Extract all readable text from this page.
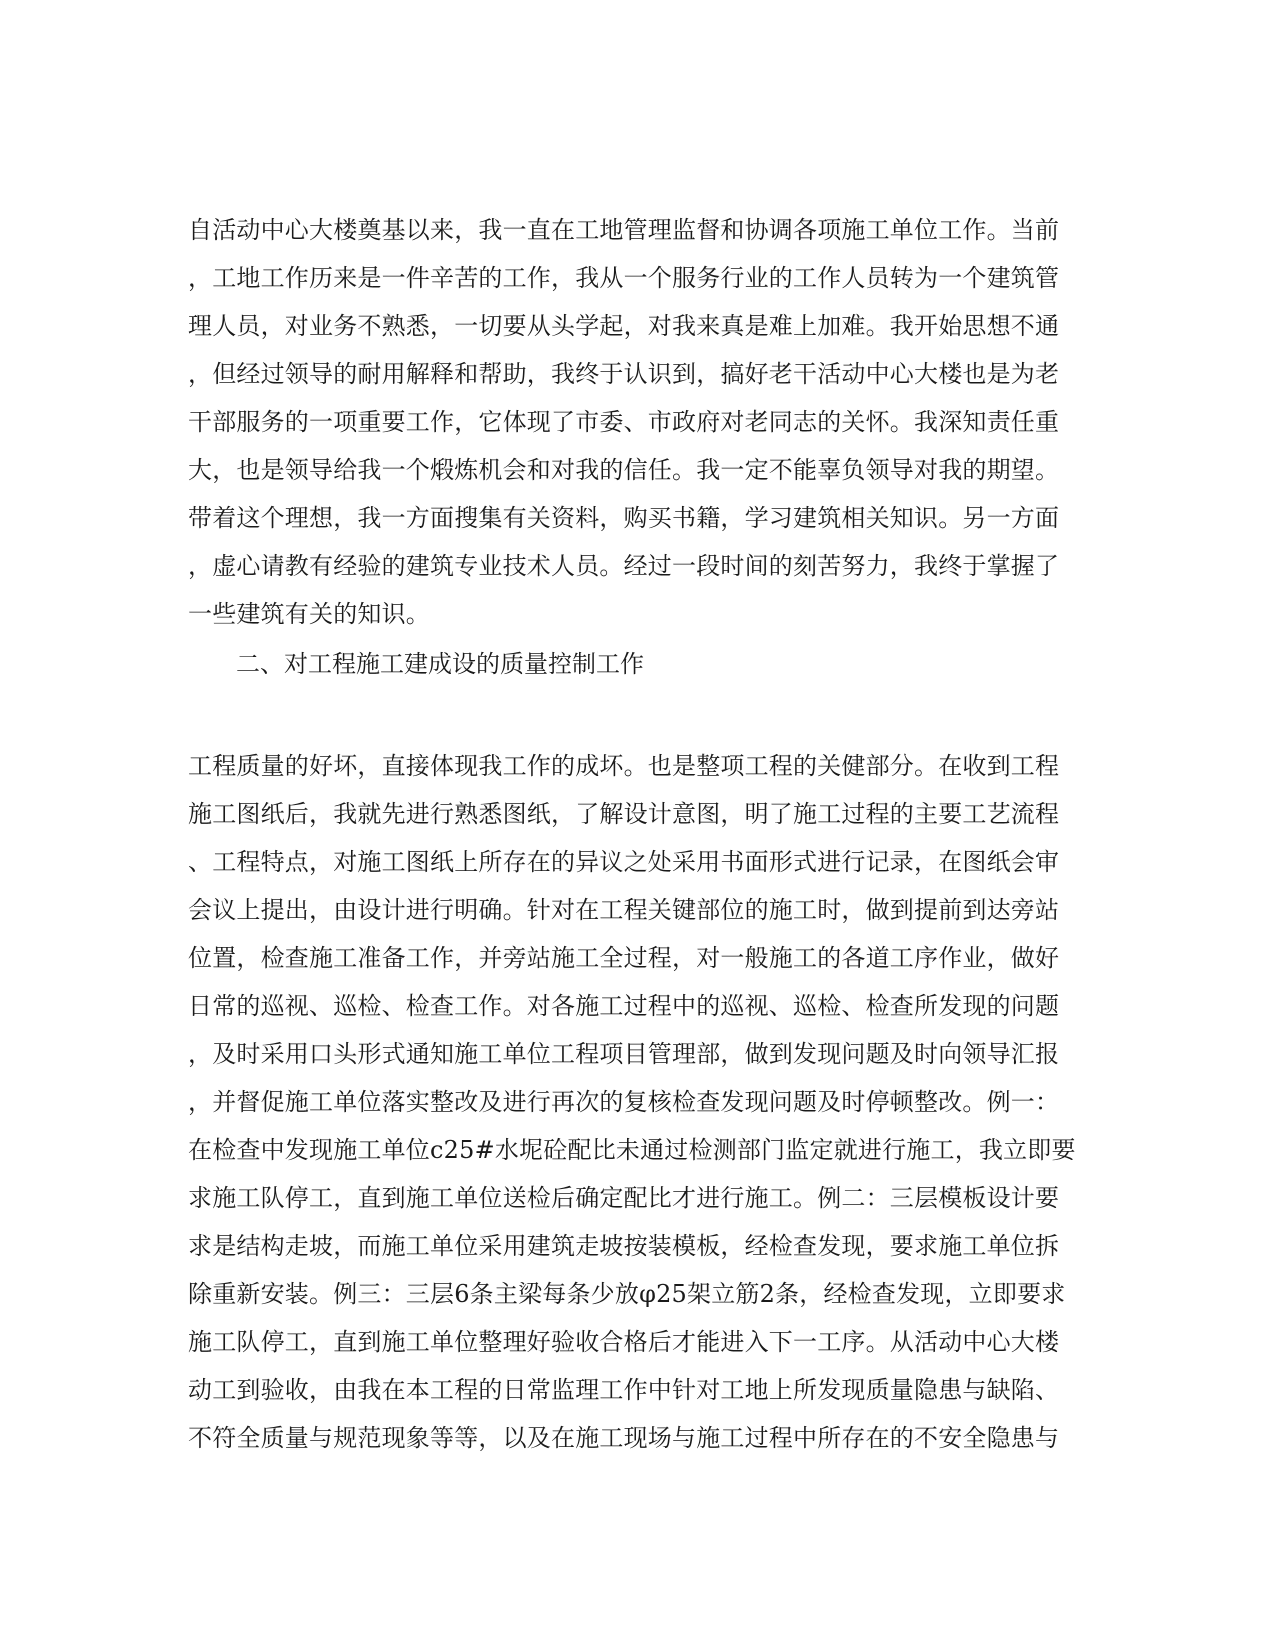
自活动中心大楼奠基以来，我一直在工地管理监督和协调各项施工单位工作。当前
，工地工作历来是一件辛苦的工作，我从一个服务行业的工作人员转为一个建筑管
理人员，对业务不熟悉，一切要从头学起，对我来真是难上加难。我开始思想不通
，但经过领导的耐用解释和帮助，我终于认识到，搞好老干活动中心大楼也是为老
干部服务的一项重要工作，它体现了市委、市政府对老同志的关怀。我深知责任重
大，也是领导给我一个煅炼机会和对我的信任。我一定不能辜负领导对我的期望。
带着这个理想，我一方面搜集有关资料，购买书籍，学习建筑相关知识。另一方面
，虚心请教有经验的建筑专业技术人员。经过一段时间的刻苦努力，我终于掌握了
一些建筑有关的知识。
二、对工程施工建成设的质量控制工作
工程质量的好坏，直接体现我工作的成坏。也是整项工程的关健部分。在收到工程
施工图纸后，我就先进行熟悉图纸，了解设计意图，明了施工过程的主要工艺流程
、工程特点，对施工图纸上所存在的异议之处采用书面形式进行记录，在图纸会审
会议上提出，由设计进行明确。针对在工程关键部位的施工时，做到提前到达旁站
位置，检查施工准备工作，并旁站施工全过程，对一般施工的各道工序作业，做好
日常的巡视、巡检、检查工作。对各施工过程中的巡视、巡检、检查所发现的问题
，及时采用口头形式通知施工单位工程项目管理部，做到发现问题及时向领导汇报
，并督促施工单位落实整改及进行再次的复核检查发现问题及时停顿整改。例一：
在检查中发现施工单位c25#水坭砼配比未通过检测部门监定就进行施工，我立即要
求施工队停工，直到施工单位送检后确定配比才进行施工。例二：三层模板设计要
求是结构走坡，而施工单位采用建筑走坡按装模板，经检查发现，要求施工单位拆
除重新安装。例三：三层6条主梁每条少放φ25架立筋2条，经检查发现，立即要求
施工队停工，直到施工单位整理好验收合格后才能进入下一工序。从活动中心大楼
动工到验收，由我在本工程的日常监理工作中针对工地上所发现质量隐患与缺陷、
不符全质量与规范现象等等，以及在施工现场与施工过程中所存在的不安全隐患与
